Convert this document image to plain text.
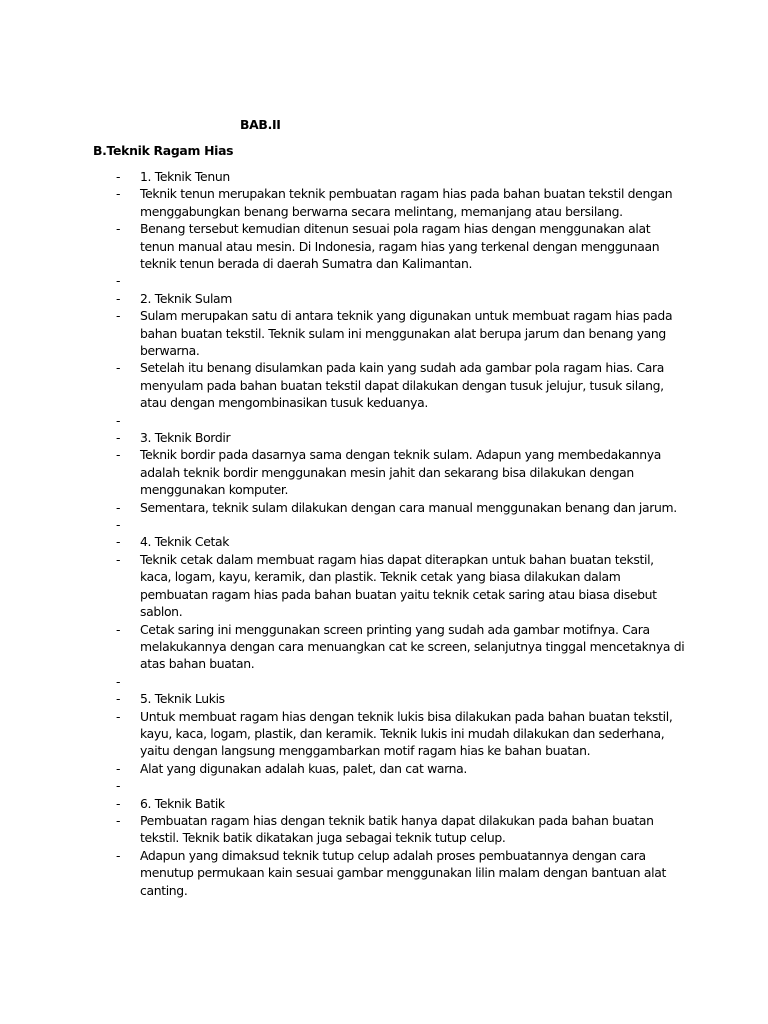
BAB.II
B.Teknik Ragam Hias
- 1. Teknik Tenun
- Teknik tenun merupakan teknik pembuatan ragam hias pada bahan buatan tekstil dengan menggabungkan benang berwarna secara melintang, memanjang atau bersilang.
- Benang tersebut kemudian ditenun sesuai pola ragam hias dengan menggunakan alat tenun manual atau mesin. Di Indonesia, ragam hias yang terkenal dengan menggunaan teknik tenun berada di daerah Sumatra dan Kalimantan.
-
- 2. Teknik Sulam
- Sulam merupakan satu di antara teknik yang digunakan untuk membuat ragam hias pada bahan buatan tekstil. Teknik sulam ini menggunakan alat berupa jarum dan benang yang berwarna.
- Setelah itu benang disulamkan pada kain yang sudah ada gambar pola ragam hias. Cara menyulam pada bahan buatan tekstil dapat dilakukan dengan tusuk jelujur, tusuk silang, atau dengan mengombinasikan tusuk keduanya.
-
- 3. Teknik Bordir
- Teknik bordir pada dasarnya sama dengan teknik sulam. Adapun yang membedakannya adalah teknik bordir menggunakan mesin jahit dan sekarang bisa dilakukan dengan menggunakan komputer.
- Sementara, teknik sulam dilakukan dengan cara manual menggunakan benang dan jarum.
-
- 4. Teknik Cetak
- Teknik cetak dalam membuat ragam hias dapat diterapkan untuk bahan buatan tekstil, kaca, logam, kayu, keramik, dan plastik. Teknik cetak yang biasa dilakukan dalam pembuatan ragam hias pada bahan buatan yaitu teknik cetak saring atau biasa disebut sablon.
- Cetak saring ini menggunakan screen printing yang sudah ada gambar motifnya. Cara melakukannya dengan cara menuangkan cat ke screen, selanjutnya tinggal mencetaknya di atas bahan buatan.
-
- 5. Teknik Lukis
- Untuk membuat ragam hias dengan teknik lukis bisa dilakukan pada bahan buatan tekstil, kayu, kaca, logam, plastik, dan keramik. Teknik lukis ini mudah dilakukan dan sederhana, yaitu dengan langsung menggambarkan motif ragam hias ke bahan buatan.
- Alat yang digunakan adalah kuas, palet, dan cat warna.
-
- 6. Teknik Batik
- Pembuatan ragam hias dengan teknik batik hanya dapat dilakukan pada bahan buatan tekstil. Teknik batik dikatakan juga sebagai teknik tutup celup.
- Adapun yang dimaksud teknik tutup celup adalah proses pembuatannya dengan cara menutup permukaan kain sesuai gambar menggunakan lilin malam dengan bantuan alat canting.
